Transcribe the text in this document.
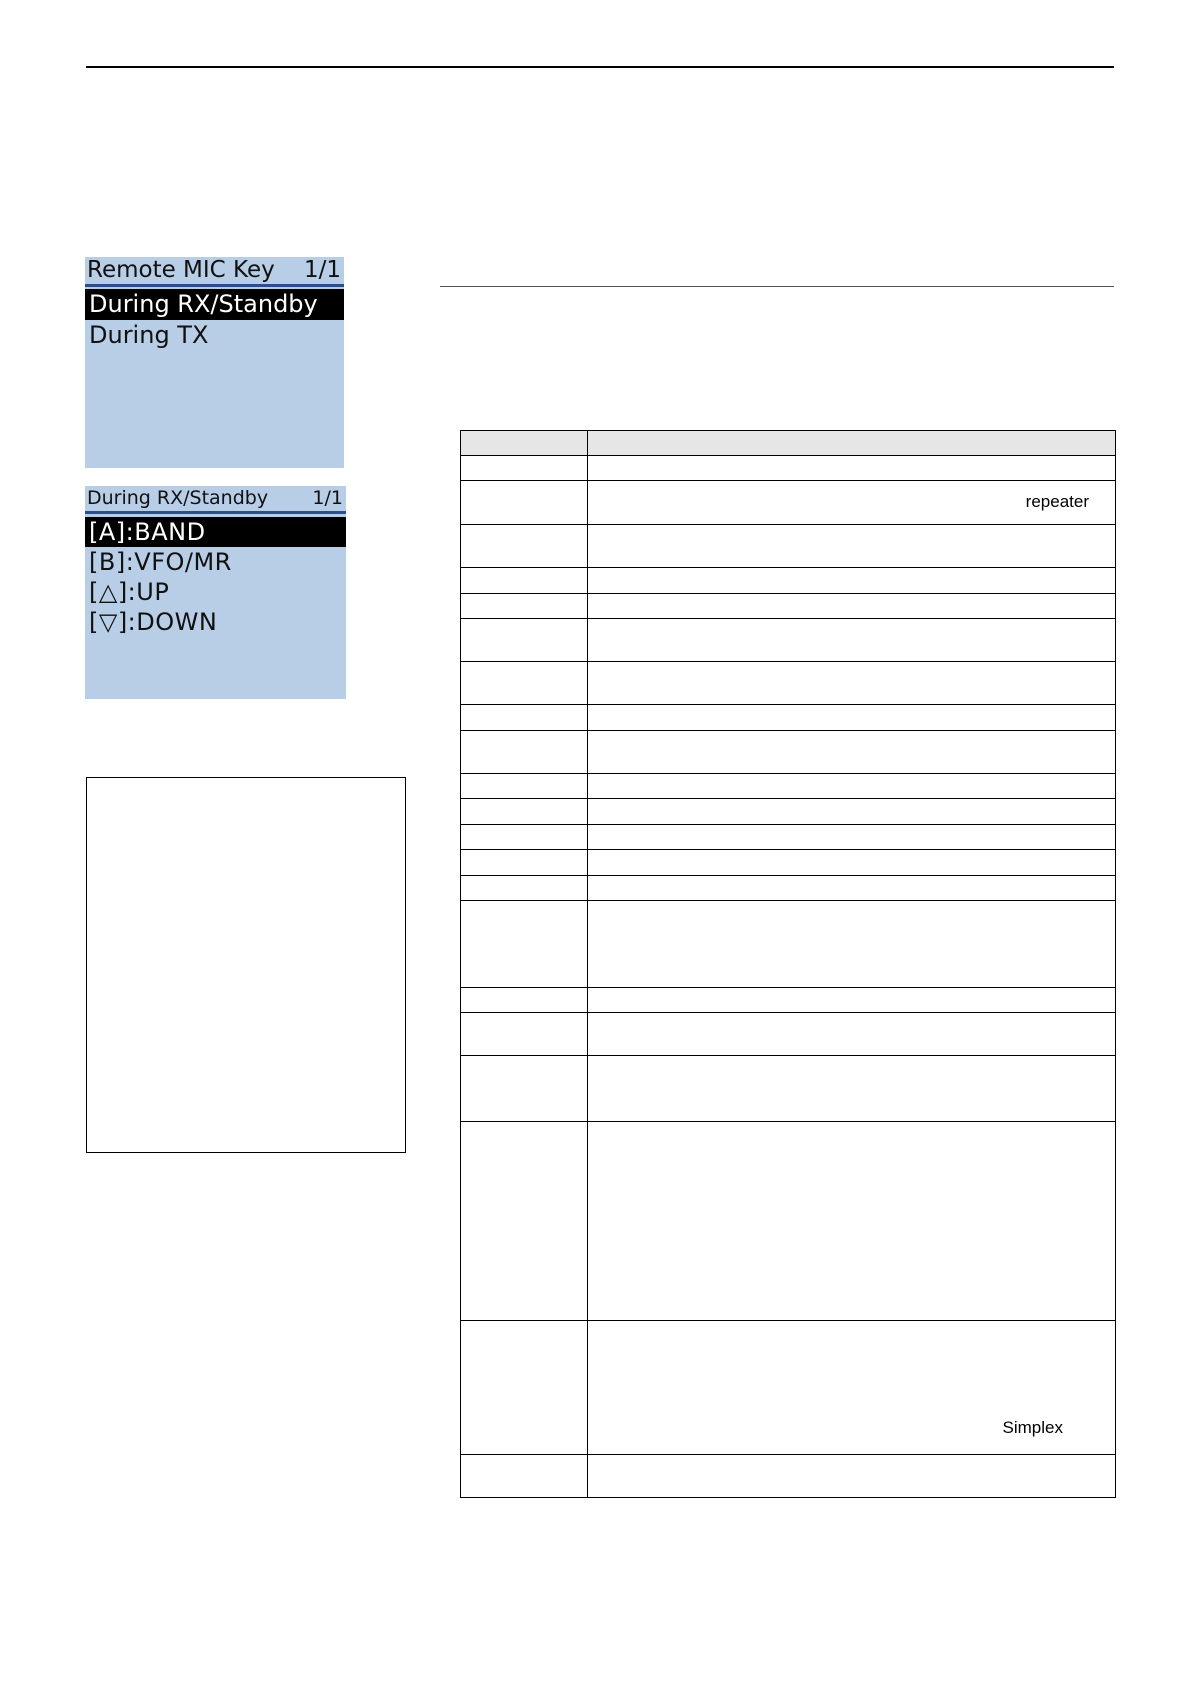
Remote MIC Key 1/1
During RX/Standby
During TX
During RX/Standby 1/1
[A]:BAND
[B]:VFO/MR
[△]:UP
[▽]:DOWN

	repeater

	Simplex
